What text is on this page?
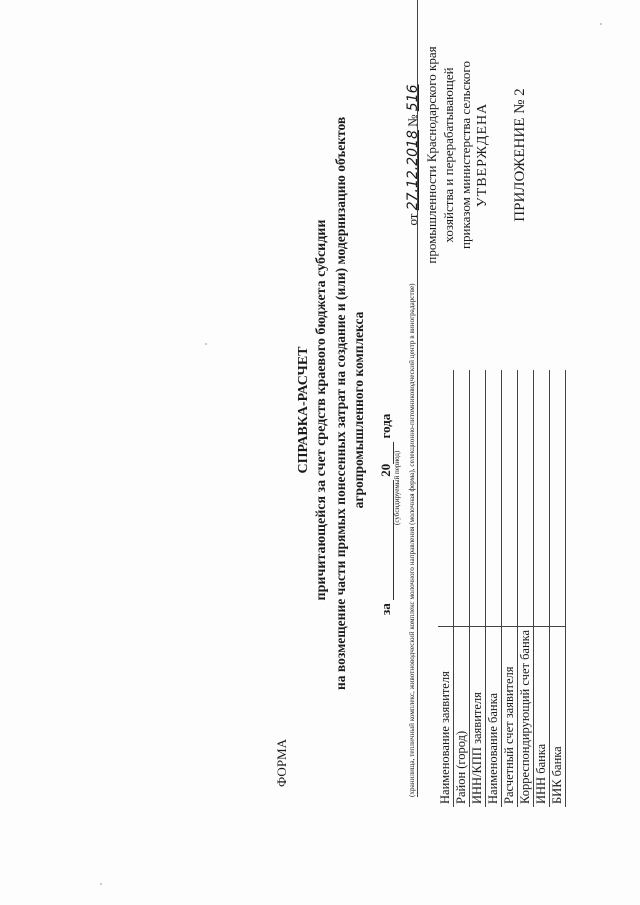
ПРИЛОЖЕНИЕ № 2
УТВЕРЖДЕНА
приказом министерства сельского
хозяйства и перерабатывающей
промышленности Краснодарского края
от 27.12.2018 № 516
ФОРМА
СПРАВКА-РАСЧЕТ причитающейся за счет средств краевого бюджета субсидии на возмещение части прямых понесенных затрат на создание и (или) модернизацию объектов агропромышленного комплекса
за  20 года
(субсидируемый период) (хранилища, тепличный комплекс, животноводческий комплекс молочного направления (молочная ферма), селекционно-питомниководческий центр в виноградарстве) Наименование заявителя	
Район (город)	
ИНН/КПП заявителя	
Наименование банка	
Расчетный счет заявителя	
Корреспондирующий счет банка	
ИНН банка	
БИК банка	
